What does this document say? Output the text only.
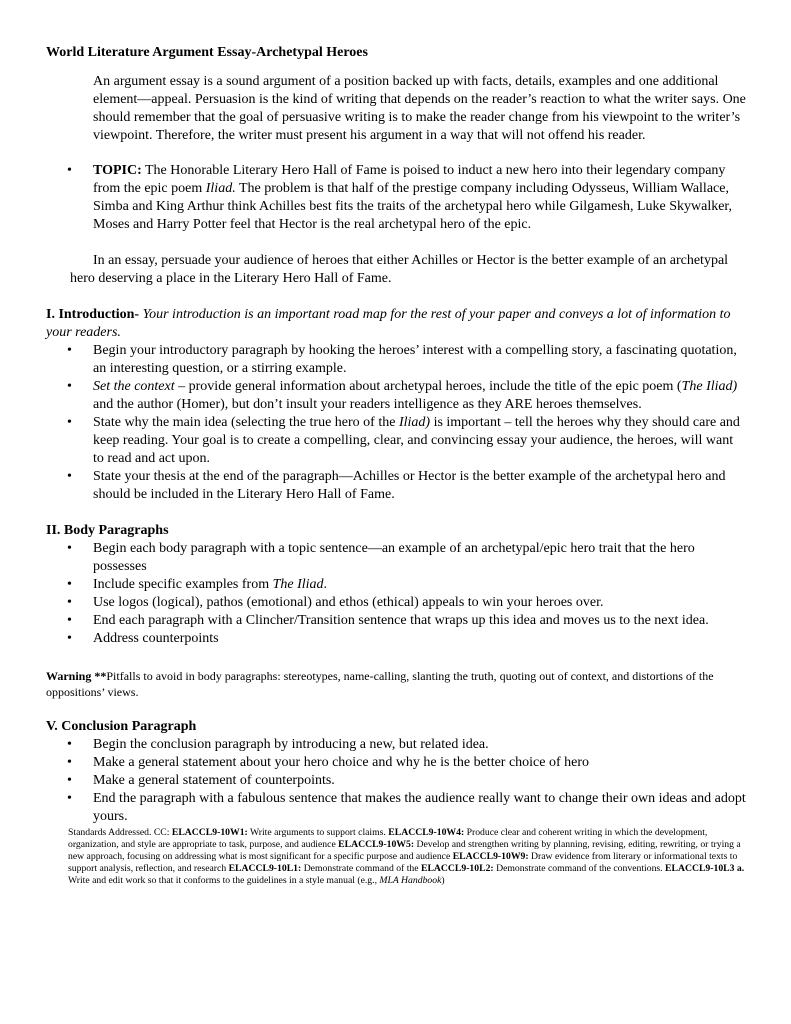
World Literature Argument Essay-Archetypal Heroes

An argument essay is a sound argument of a position backed up with facts, details, examples and one additional element—appeal. Persuasion is the kind of writing that depends on the reader’s reaction to what the writer says. One should remember that the goal of persuasive writing is to make the reader change from his viewpoint to the writer’s viewpoint. Therefore, the writer must present his argument in a way that will not offend his reader.

• TOPIC: The Honorable Literary Hero Hall of Fame is poised to induct a new hero into their legendary company from the epic poem Iliad. The problem is that half of the prestige company including Odysseus, William Wallace, Simba and King Arthur think Achilles best fits the traits of the archetypal hero while Gilgamesh, Luke Skywalker, Moses and Harry Potter feel that Hector is the real archetypal hero of the epic.

In an essay, persuade your audience of heroes that either Achilles or Hector is the better example of an archetypal hero deserving a place in the Literary Hero Hall of Fame.

I. Introduction- Your introduction is an important road map for the rest of your paper and conveys a lot of information to your readers.

• Begin your introductory paragraph by hooking the heroes’ interest with a compelling story, a fascinating quotation, an interesting question, or a stirring example.
• Set the context – provide general information about archetypal heroes, include the title of the epic poem (The Iliad) and the author (Homer), but don’t insult your readers intelligence as they ARE heroes themselves.
• State why the main idea (selecting the true hero of the Iliad) is important – tell the heroes why they should care and keep reading. Your goal is to create a compelling, clear, and convincing essay your audience, the heroes, will want to read and act upon.
• State your thesis at the end of the paragraph—Achilles or Hector is the better example of the archetypal hero and should be included in the Literary Hero Hall of Fame.

II. Body Paragraphs

• Begin each body paragraph with a topic sentence—an example of an archetypal/epic hero trait that the hero possesses
• Include specific examples from The Iliad.
• Use logos (logical), pathos (emotional) and ethos (ethical) appeals to win your heroes over.
• End each paragraph with a Clincher/Transition sentence that wraps up this idea and moves us to the next idea.
• Address counterpoints

Warning **Pitfalls to avoid in body paragraphs: stereotypes, name-calling, slanting the truth, quoting out of context, and distortions of the oppositions’ views.

V. Conclusion Paragraph

• Begin the conclusion paragraph by introducing a new, but related idea.
• Make a general statement about your hero choice and why he is the better choice of hero
• Make a general statement of counterpoints.
• End the paragraph with a fabulous sentence that makes the audience really want to change their own ideas and adopt yours.

Standards Addressed. CC: ELACCL9-10W1: Write arguments to support claims. ELACCL9-10W4: Produce clear and coherent writing in which the development, organization, and style are appropriate to task, purpose, and audience ELACCL9-10W5: Develop and strengthen writing by planning, revising, editing, rewriting, or trying a new approach, focusing on addressing what is most significant for a specific purpose and audience ELACCL9-10W9: Draw evidence from literary or informational texts to support analysis, reflection, and research ELACCL9-10L1: Demonstrate command of the ELACCL9-10L2: Demonstrate command of the conventions. ELACCL9-10L3 a. Write and edit work so that it conforms to the guidelines in a style manual (e.g., MLA Handbook)
